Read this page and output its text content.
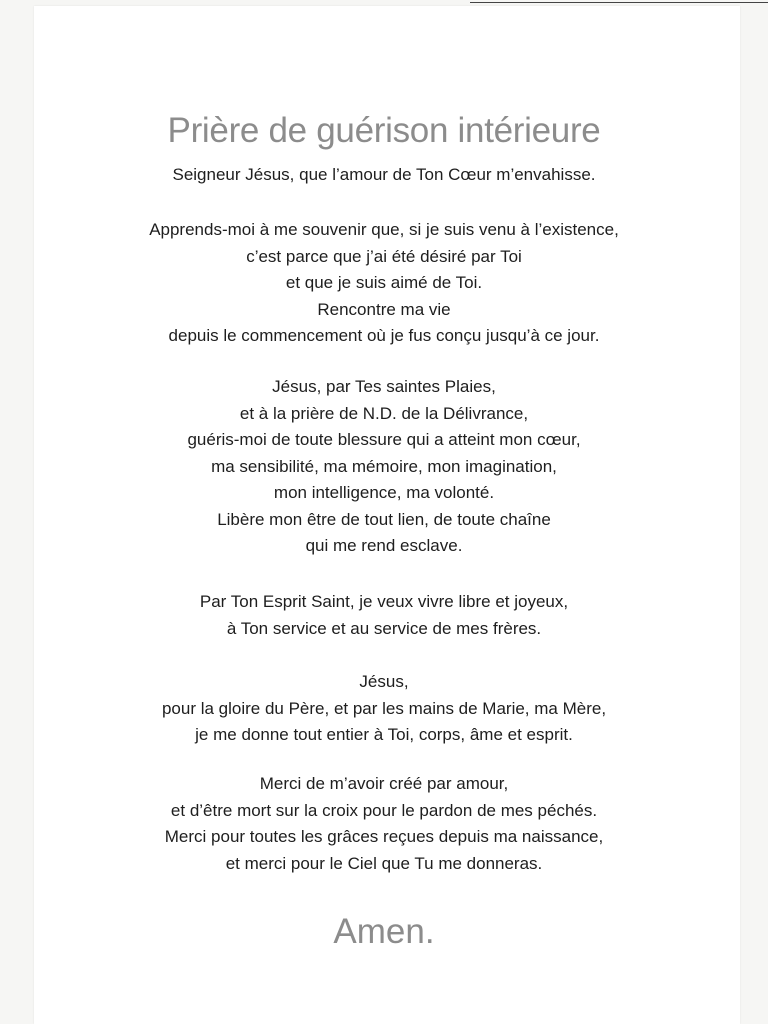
Prière de guérison intérieure
Seigneur Jésus, que l’amour de Ton Cœur m’envahisse.
Apprends-moi à me souvenir que, si je suis venu à l’existence,
c’est parce que j’ai été désiré par Toi
et que je suis aimé de Toi.
Rencontre ma vie
depuis le commencement où je fus conçu jusqu’à ce jour.
Jésus, par Tes saintes Plaies,
et à la prière de N.D. de la Délivrance,
guéris-moi de toute blessure qui a atteint mon cœur,
ma sensibilité, ma mémoire, mon imagination,
mon intelligence, ma volonté.
Libère mon être de tout lien, de toute chaîne
qui me rend esclave.
Par Ton Esprit Saint, je veux vivre libre et joyeux,
à Ton service et au service de mes frères.
Jésus,
pour la gloire du Père, et par les mains de Marie, ma Mère,
je me donne tout entier à Toi, corps, âme et esprit.
Merci de m’avoir créé par amour,
et d’être mort sur la croix pour le pardon de mes péchés.
Merci pour toutes les grâces reçues depuis ma naissance,
et merci pour le Ciel que Tu me donneras.
Amen.
